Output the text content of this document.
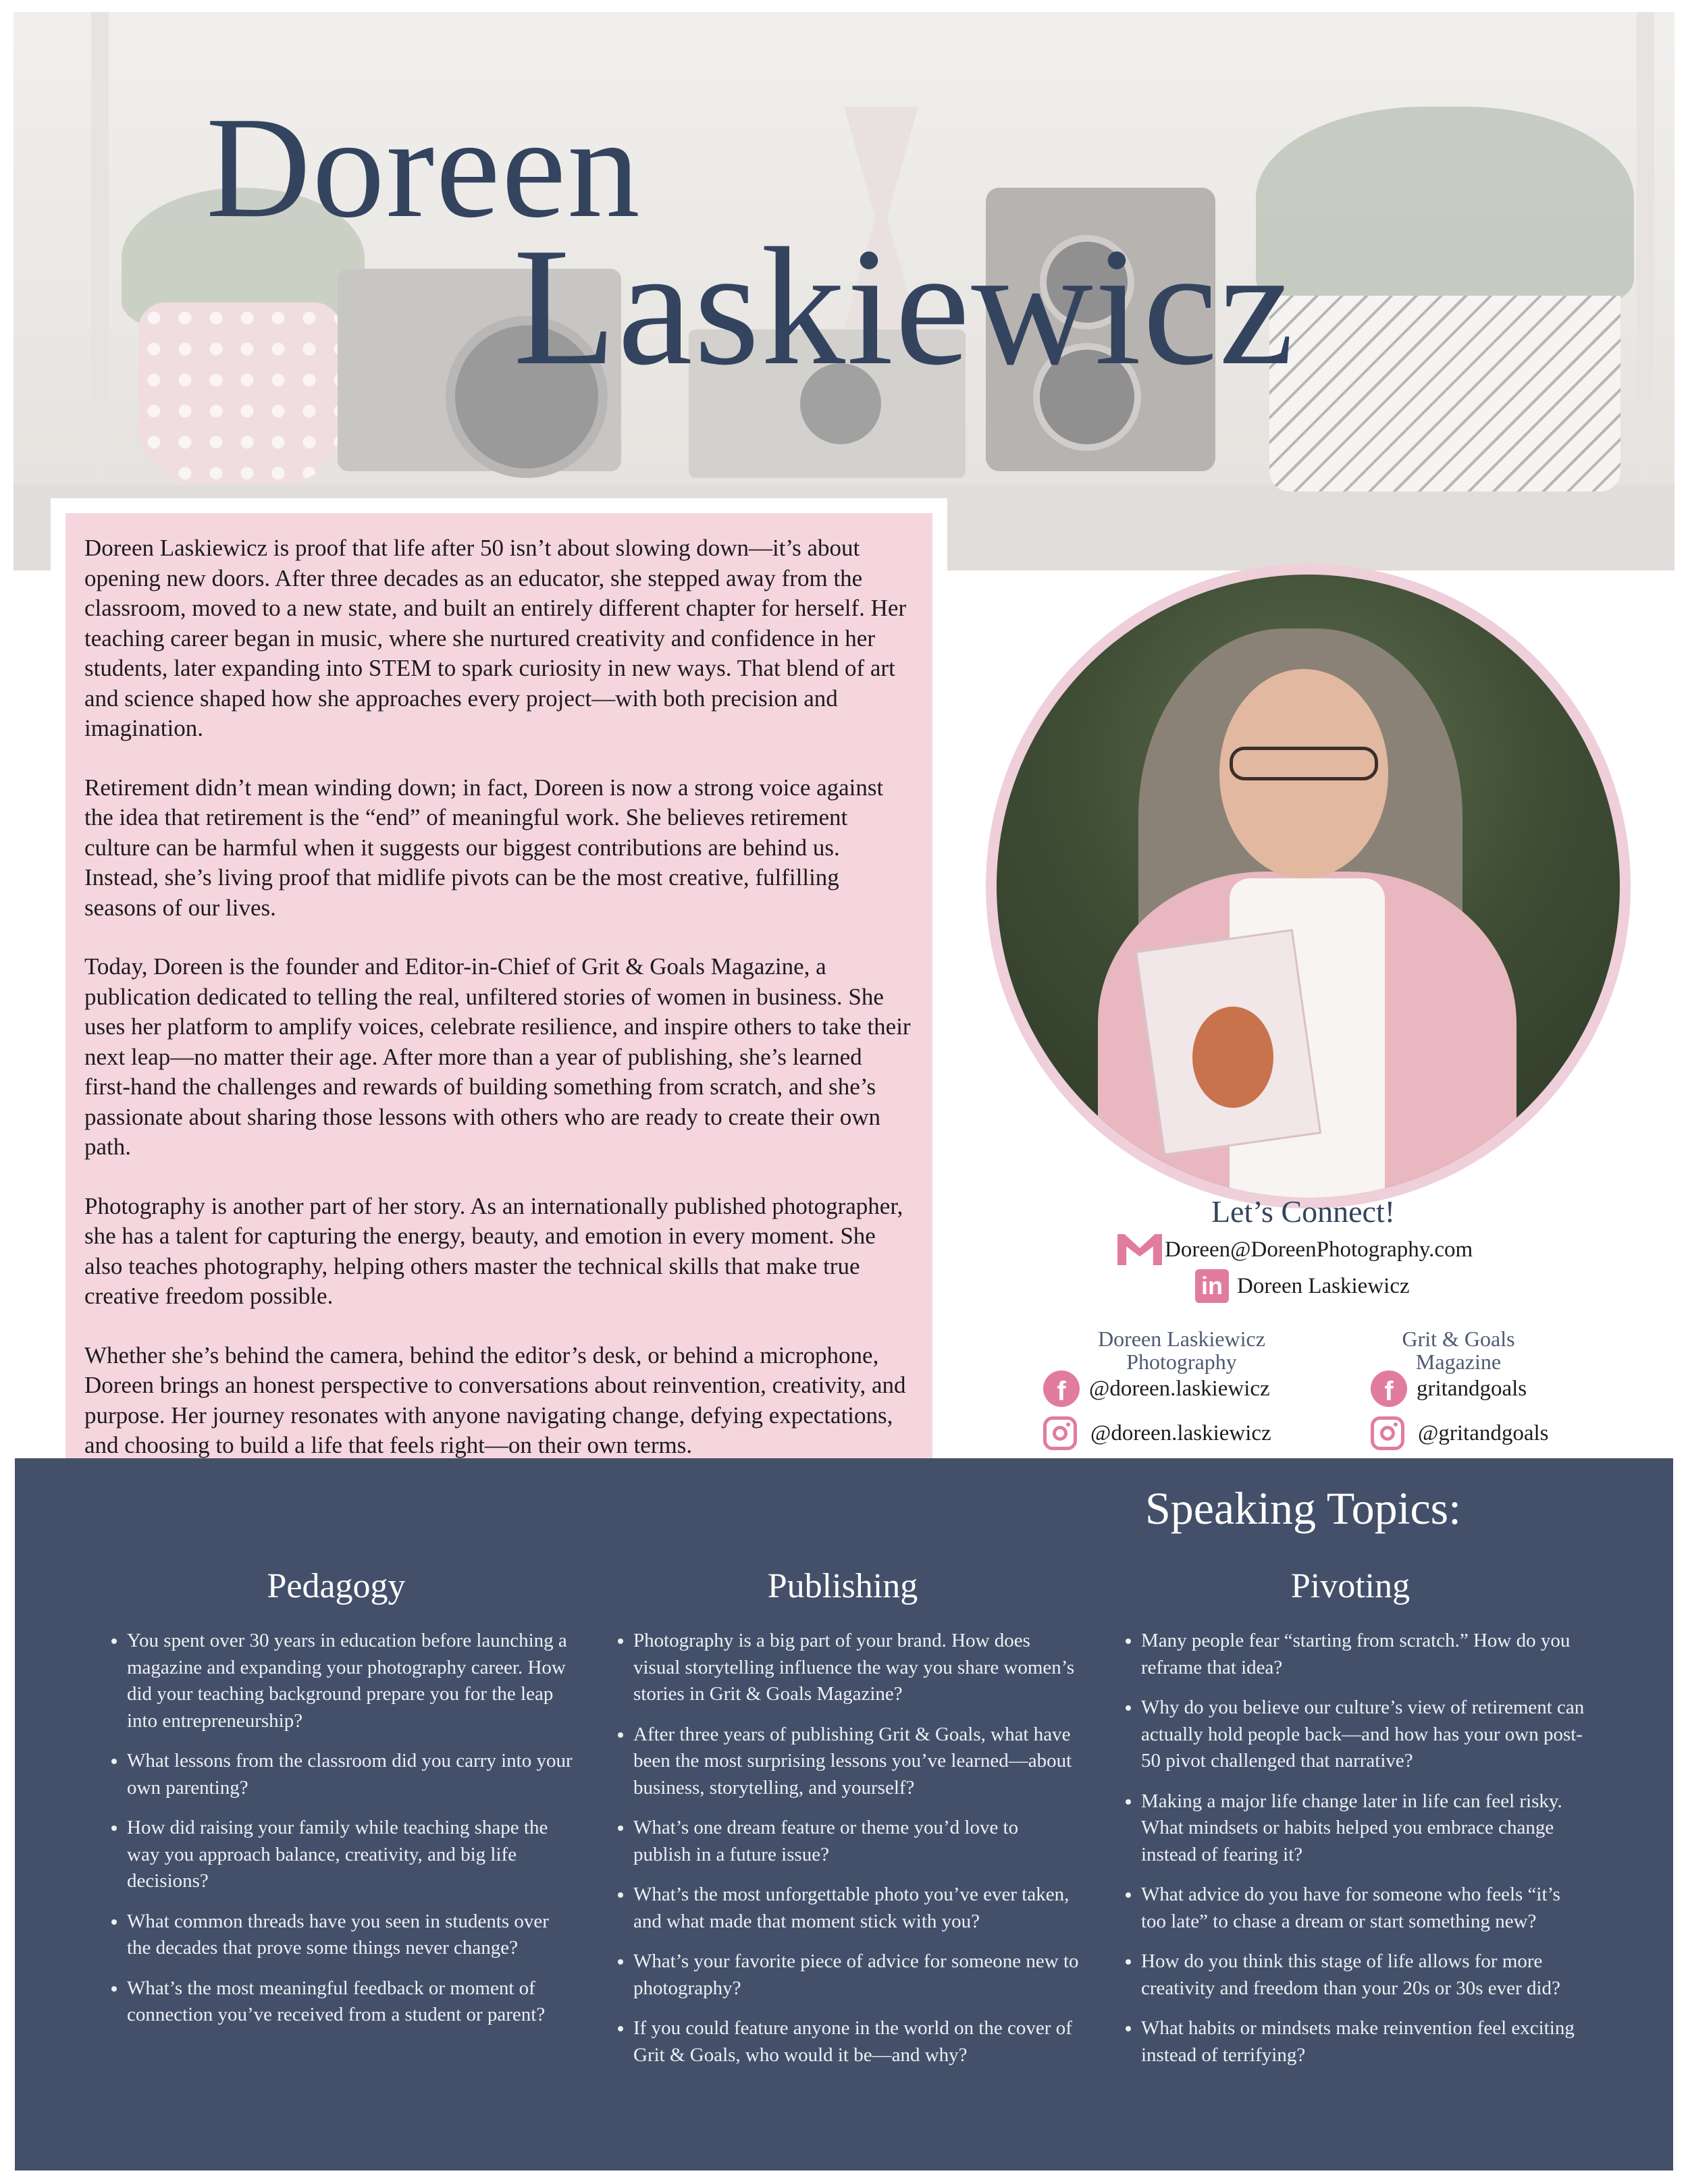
Doreen
Laskiewicz

Doreen Laskiewicz is proof that life after 50 isn’t about slowing down—it’s about opening new doors. After three decades as an educator, she stepped away from the classroom, moved to a new state, and built an entirely different chapter for herself. Her teaching career began in music, where she nurtured creativity and confidence in her students, later expanding into STEM to spark curiosity in new ways. That blend of art and science shaped how she approaches every project—with both precision and imagination.

Retirement didn’t mean winding down; in fact, Doreen is now a strong voice against the idea that retirement is the “end” of meaningful work. She believes retirement culture can be harmful when it suggests our biggest contributions are behind us. Instead, she’s living proof that midlife pivots can be the most creative, fulfilling seasons of our lives.

Today, Doreen is the founder and Editor-in-Chief of Grit & Goals Magazine, a publication dedicated to telling the real, unfiltered stories of women in business. She uses her platform to amplify voices, celebrate resilience, and inspire others to take their next leap—no matter their age. After more than a year of publishing, she’s learned first-hand the challenges and rewards of building something from scratch, and she’s passionate about sharing those lessons with others who are ready to create their own path.

Photography is another part of her story. As an internationally published photographer, she has a talent for capturing the energy, beauty, and emotion in every moment. She also teaches photography, helping others master the technical skills that make true creative freedom possible.

Whether she’s behind the camera, behind the editor’s desk, or behind a microphone, Doreen brings an honest perspective to conversations about reinvention, creativity, and purpose. Her journey resonates with anyone navigating change, defying expectations, and choosing to build a life that feels right—on their own terms.

Let’s Connect!
Doreen@DoreenPhotography.com
in Doreen Laskiewicz
Doreen Laskiewicz Photography
Grit & Goals Magazine
f	@doreen.laskiewicz
@doreen.laskiewicz
f	gritandgoals
@gritandgoals
Speaking Topics:
Pedagogy
• You spent over 30 years in education before launching a magazine and expanding your photography career. How did your teaching background prepare you for the leap into entrepreneurship?
• What lessons from the classroom did you carry into your own parenting?
• How did raising your family while teaching shape the way you approach balance, creativity, and big life decisions?
• What common threads have you seen in students over the decades that prove some things never change?
• What’s the most meaningful feedback or moment of connection you’ve received from a student or parent?
Publishing
• Photography is a big part of your brand. How does visual storytelling influence the way you share women’s stories in Grit & Goals Magazine?
• After three years of publishing Grit & Goals, what have been the most surprising lessons you’ve learned—about business, storytelling, and yourself?
• What’s one dream feature or theme you’d love to publish in a future issue?
• What’s the most unforgettable photo you’ve ever taken, and what made that moment stick with you?
• What’s your favorite piece of advice for someone new to photography?
• If you could feature anyone in the world on the cover of Grit & Goals, who would it be—and why?
Pivoting
• Many people fear “starting from scratch.” How do you reframe that idea?
• Why do you believe our culture’s view of retirement can actually hold people back—and how has your own post-50 pivot challenged that narrative?
• Making a major life change later in life can feel risky. What mindsets or habits helped you embrace change instead of fearing it?
• What advice do you have for someone who feels “it’s too late” to chase a dream or start something new?
• How do you think this stage of life allows for more creativity and freedom than your 20s or 30s ever did?
• What habits or mindsets make reinvention feel exciting instead of terrifying?
